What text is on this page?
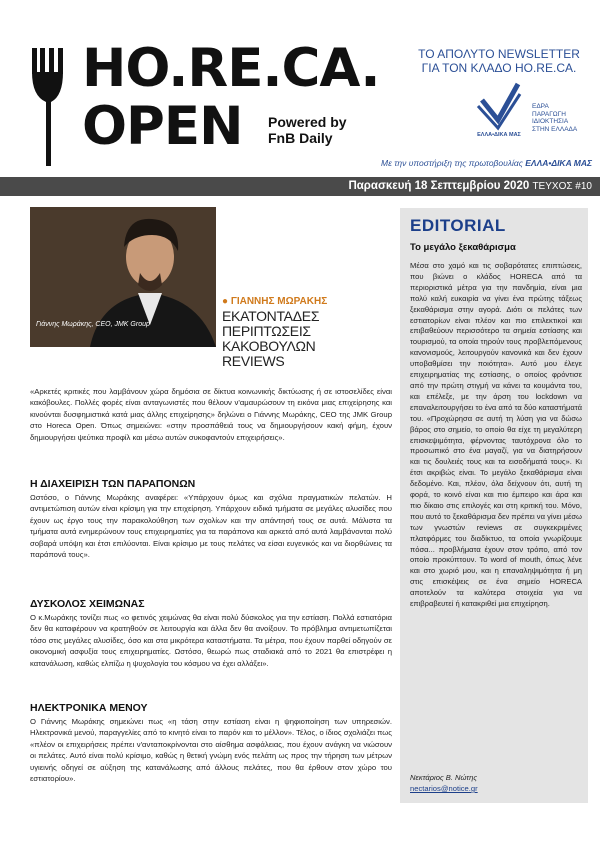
HO.RE.CA.
OPEN Powered by
FnB Daily
ΤΟ ΑΠΟΛΥΤΟ NEWSLETTER
ΓΙΑ ΤΟΝ ΚΛΑΔΟ HO.RE.CA.
ΕΛΛΑ•ΔΙΚΑ ΜΑΣ
ΕΔΡΑ
ΠΑΡΑΓΩΓΗ
ΙΔΙΟΚΤΗΣΙΑ
ΣΤΗΝ ΕΛΛΑΔΑ
Με την υποστήριξη της πρωτοβουλίας ΕΛΛΑ•ΔΙΚΑ ΜΑΣ
Παρασκευή 18 Σεπτεμβρίου 2020 ΤΕΥΧΟΣ #10
Γιάννης Μωράκης, CEO, JMK Group
● ΓΙΑΝΝΗΣ ΜΩΡΑΚΗΣ
ΕΚΑΤΟΝΤΑΔΕΣ
ΠΕΡΙΠΤΩΣΕΙΣ
ΚΑΚΟΒΟΥΛΩΝ
REVIEWS
«Αρκετές κριτικές που λαμβάνουν χώρα δημόσια σε δίκτυα κοινωνικής δικτύωσης ή σε ιστοσελίδες είναι κακόβουλες. Πολλές φορές είναι ανταγωνιστές που θέλουν ν'αμαυρώσουν τη εικόνα μιας επιχείρησης και κινούνται δυσφημιστικά κατά μιας άλλης επιχείρησης» δηλώνει ο Γιάννης Μωράκης, CEO της JMK Group στο Horeca Open. Όπως σημειώνει: «στην προσπάθειά τους να δημιουργήσουν κακή φήμη, έχουν δημιουργήσει ψεύτικα προφίλ και μέσω αυτών συκοφαντούν επιχειρήσεις».
Η ΔΙΑΧΕΙΡΙΣΗ ΤΩΝ ΠΑΡΑΠΟΝΩΝ
Ωστόσο, ο Γιάννης Μωράκης αναφέρει: «Υπάρχουν όμως και σχόλια πραγματικών πελατών. Η αντιμετώπιση αυτών είναι κρίσιμη για την επιχείρηση. Υπάρχουν ειδικά τμήματα σε μεγάλες αλυσίδες που έχουν ως έργο τους την παρακολούθηση των σχολίων και την απάντησή τους σε αυτά. Μάλιστα τα τμήματα αυτά ενημερώνουν τους επιχειρηματίες για τα παράπονα και αρκετά από αυτά λαμβάνονται πολύ σοβαρά υπόψη και έτσι επιλύονται. Είναι κρίσιμο με τους πελάτες να είσαι ευγενικός και να διορθώνεις τα παράπονά τους».
ΔΥΣΚΟΛΟΣ ΧΕΙΜΩΝΑΣ
Ο κ.Μωράκης τονίζει πως «ο φετινός χειμώνας θα είναι πολύ δύσκολος για την εστίαση. Πολλά εστιατόρια δεν θα καταφέρουν να κρατηθούν σε λειτουργία και άλλα δεν θα ανοίξουν. Το πρόβλημα αντιμετωπίζεται τόσο στις μεγάλες αλυσίδες, όσο και στα μικρότερα καταστήματα. Τα μέτρα, που έχουν παρθεί οδηγούν σε οικονομική ασφυξία τους επιχειρηματίες. Ωστόσο, θεωρώ πως σταδιακά από το 2021 θα επιστρέφει η κατανάλωση, καθώς ελπίζω η ψυχολογία του κόσμου να έχει αλλάξει».
ΗΛΕΚΤΡΟΝΙΚΑ ΜΕΝΟΥ
Ο Γιάννης Μωράκης σημειώνει πως «η τάση στην εστίαση είναι η ψηφιοποίηση των υπηρεσιών. Ηλεκτρονικά μενού, παραγγελίες από το κινητό είναι το παρόν και το μέλλον». Τέλος, ο ίδιος σχολιάζει πως «πλέον οι επιχειρήσεις πρέπει ν'ανταποκρίνονται στο αίσθημα ασφάλειας, που έχουν ανάγκη να νιώσουν οι πελάτες. Αυτό είναι πολύ κρίσιμο, καθώς η θετική γνώμη ενός πελάτη ως προς την τήρηση των μέτρων υγιεινής οδηγεί σε αύξηση της κατανάλωσης από άλλους πελάτες, που θα έρθουν στον χώρο του εστιατορίου».
EDITORIAL
Το μεγάλο ξεκαθάρισμα
Μέσα στο χαμό και τις σοβαρότατες επιπτώσεις, που βιώνει ο κλάδος HORECA από τα περιοριστικά μέτρα για την πανδημία, είναι μια πολύ καλή ευκαιρία να γίνει ένα πρώτης τάξεως ξεκαθάρισμα στην αγορά. Διότι οι πελάτες των εστιατορίων είναι πλέον και πιο επιλεκτικοί και επιβαθεύουν περισσότερο τα σημεία εστίασης και τουρισμού, τα οποία τηρούν τους προβλεπόμενους κανονισμούς, λειτουργούν κανονικά και δεν έχουν υποβαθμίσει την ποιότητα». Αυτό μου έλεγε επιχειρηματίας της εστίασης, ο οποίος φρόντισε από την πρώτη στιγμή να κάνει τα κουμάντα του, και επέλεξε, με την άρση του lockdown να επαναλειτουργήσει το ένα από τα δύο καταστήματά του. «Προχώρησα σε αυτή τη λύση για να δώσω βάρος στο σημείο, το οποίο θα είχε τη μεγαλύτερη επισκεψιμότητα, φέρνοντας ταυτόχρονα όλο το προσωπικό στο ένα μαγαζί, για να διατηρήσουν και τις δουλειές τους και τα εισοδήματά τους». Κι έτσι ακριβώς είναι. Το μεγάλο ξεκαθάρισμα είναι δεδομένο. Και, πλέον, όλα δείχνουν ότι, αυτή τη φορά, το κοινό είναι και πιο έμπειρο και άρα και πιο δίκαιο στις επιλογές και στη κριτική του. Μόνο, που αυτό το ξεκαθάρισμα δεν πρέπει να γίνει μέσω των γνωστών reviews σε συγκεκριμένες πλατφόρμες του διαδίκτυο, τα οποία γνωρίζουμε πόσα... προβλήματα έχουν στον τρόπο, από τον οποίο προκύπτουν. Το word of mouth, όπως λένε και στο χωριό μου, και η επαναληψιμότητα ή μη στις επισκέψεις σε ένα σημείο HORECA αποτελούν τα καλύτερα στοιχεία για να επιβραβευτεί ή κατακριθεί μια επιχείρηση.
Νεκτάριος Β. Νώτης
nectarios@notice.gr
